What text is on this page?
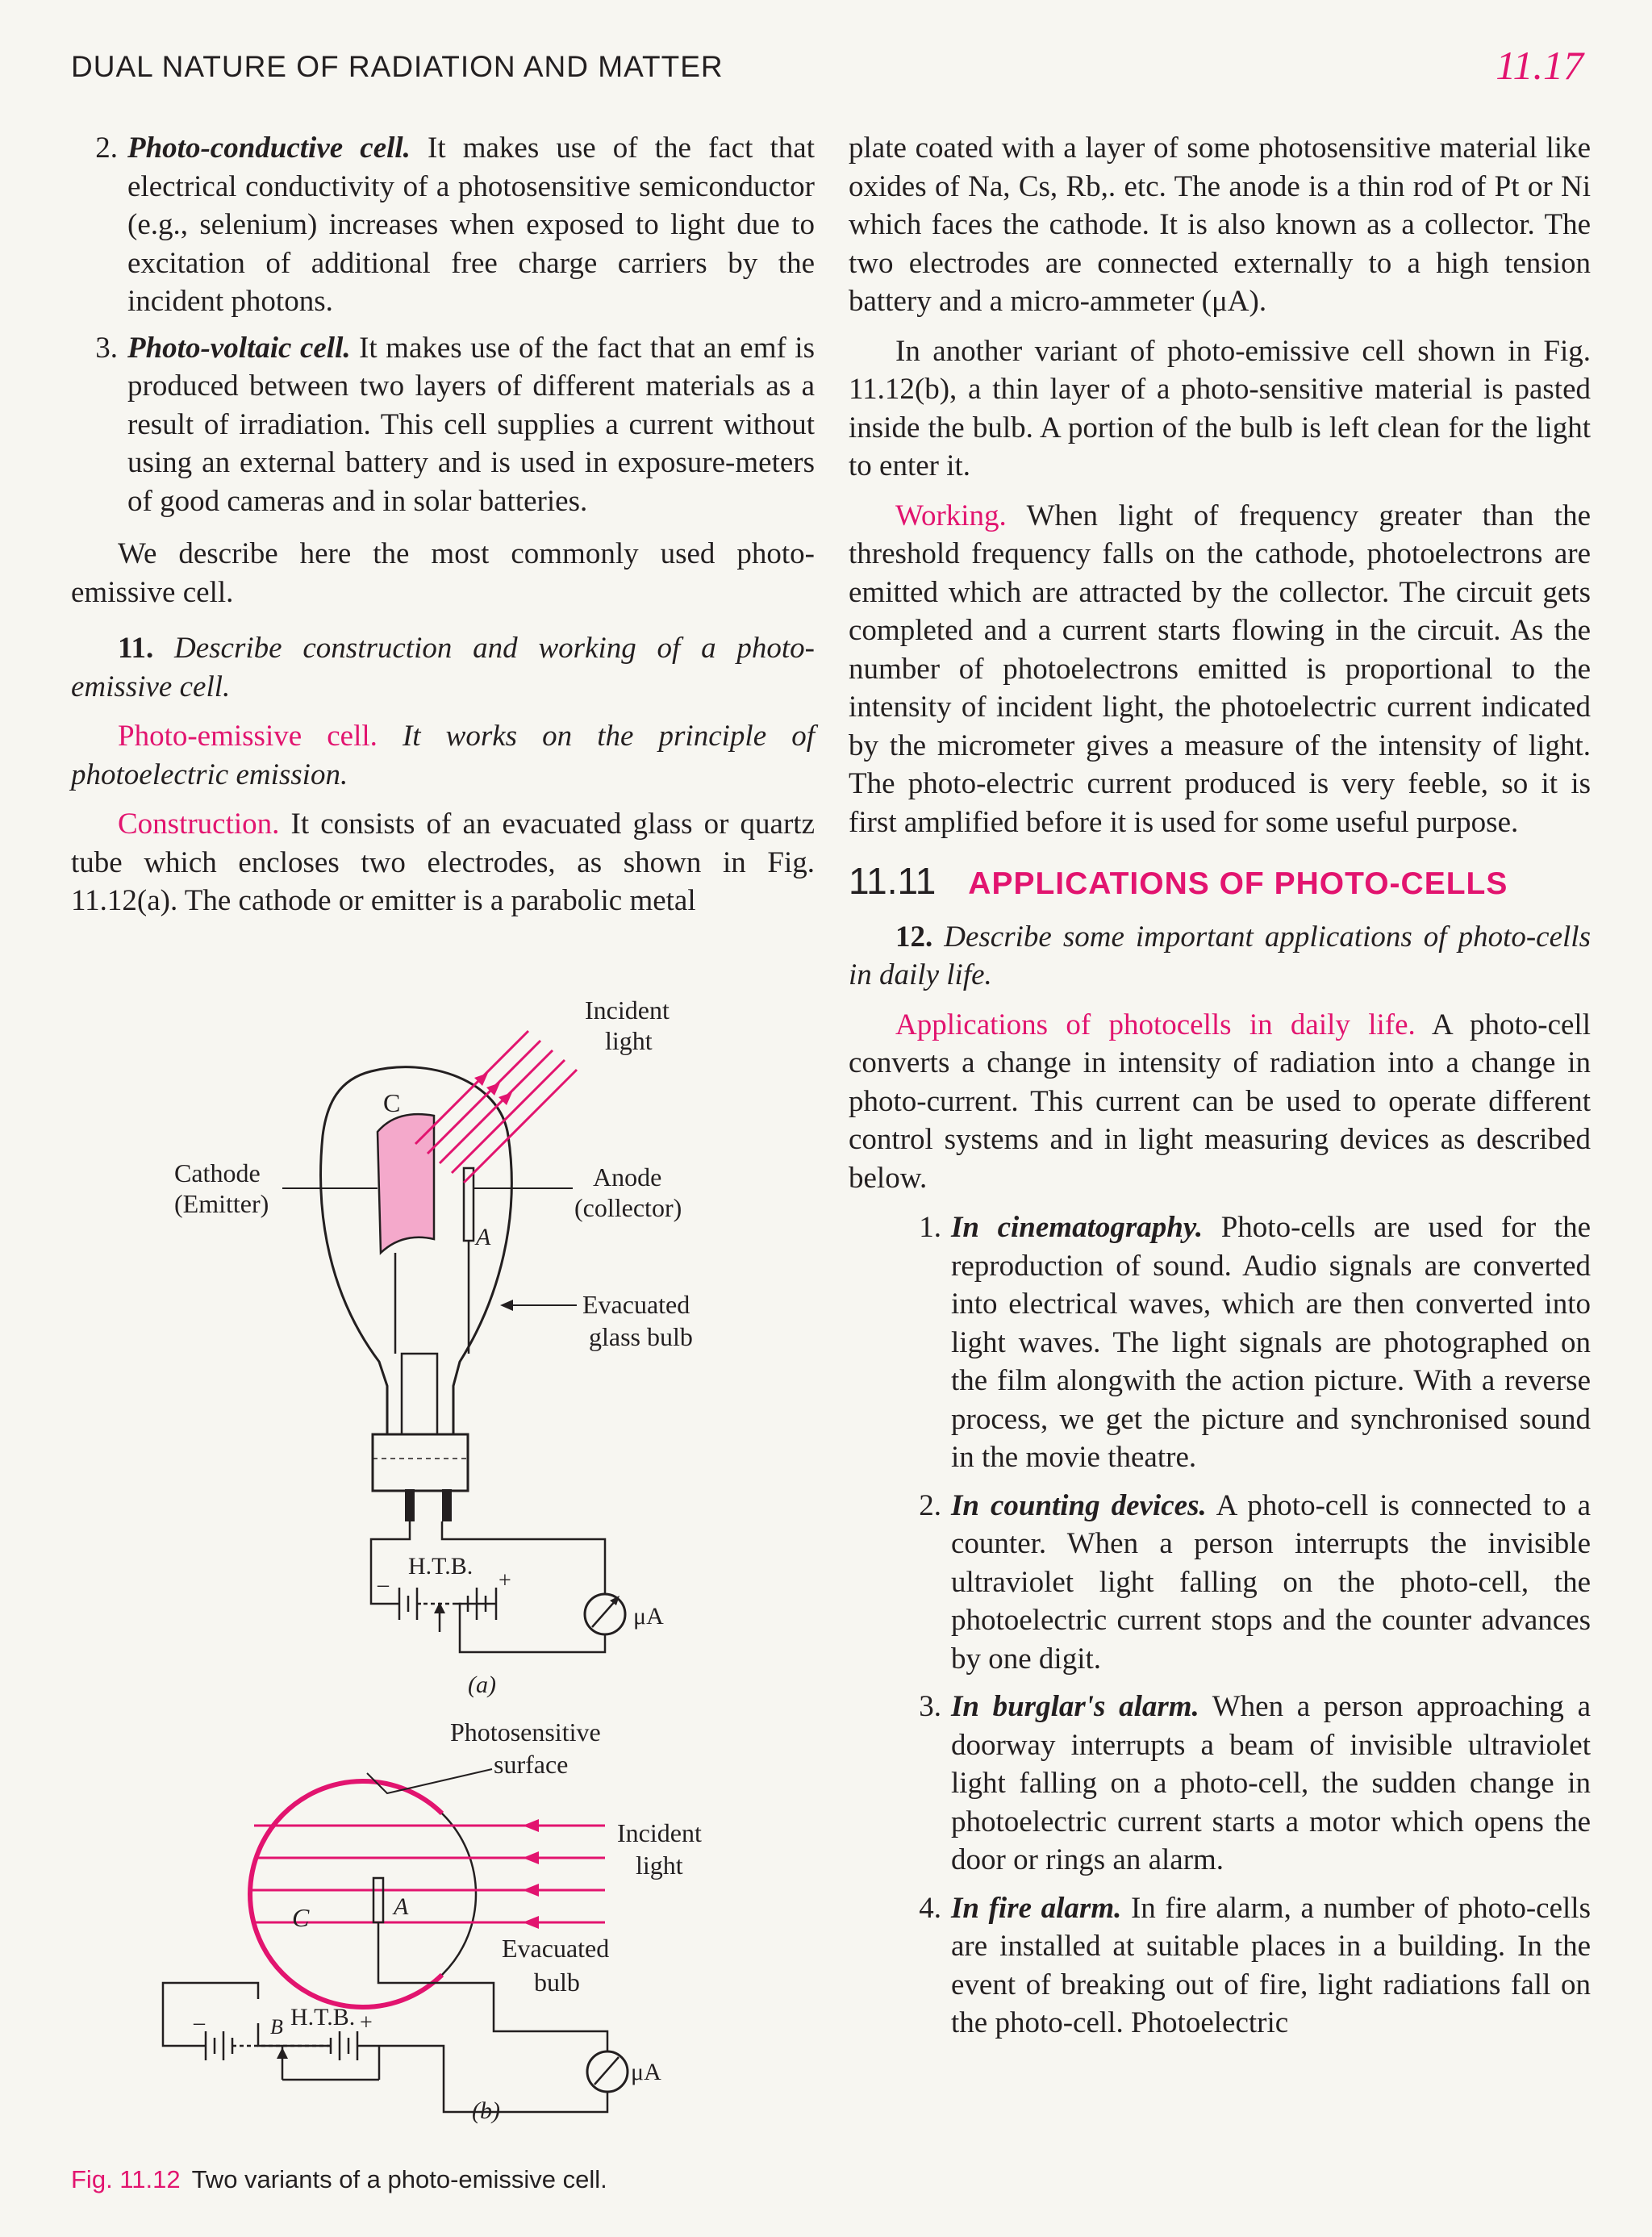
DUAL NATURE OF RADIATION AND MATTER	11.17
2. Photo-conductive cell. It makes use of the fact that electrical conductivity of a photosensitive semiconductor (e.g., selenium) increases when exposed to light due to excitation of additional free charge carriers by the incident photons.
3. Photo-voltaic cell. It makes use of the fact that an emf is produced between two layers of different materials as a result of irradiation. This cell supplies a current without using an external battery and is used in exposure-meters of good cameras and in solar batteries.

We describe here the most commonly used photo-emissive cell.

11. Describe construction and working of a photo-emissive cell.

Photo-emissive cell. It works on the principle of photoelectric emission.

Construction. It consists of an evacuated glass or quartz tube which encloses two electrodes, as shown in Fig. 11.12(a). The cathode or emitter is a parabolic metal

Incident
light
C
Cathode
(Emitter)
Anode
(collector)
A
Evacuated
glass bulb
H.T.B.
–	+
μA
(a)
Photosensitive
surface
Incident
light
A
C
Evacuated
bulb
H.T.B.
B
–	+
μA
(b)
Fig. 11.12 Two variants of a photo-emissive cell.

plate coated with a layer of some photosensitive material like oxides of Na, Cs, Rb,. etc. The anode is a thin rod of Pt or Ni which faces the cathode. It is also known as a collector. The two electrodes are connected externally to a high tension battery and a micro-ammeter (μA).

In another variant of photo-emissive cell shown in Fig. 11.12(b), a thin layer of a photo-sensitive material is pasted inside the bulb. A portion of the bulb is left clean for the light to enter it.

Working. When light of frequency greater than the threshold frequency falls on the cathode, photoelectrons are emitted which are attracted by the collector. The circuit gets completed and a current starts flowing in the circuit. As the number of photoelectrons emitted is proportional to the intensity of incident light, the photoelectric current indicated by the micrometer gives a measure of the intensity of light. The photo-electric current produced is very feeble, so it is first amplified before it is used for some useful purpose.

11.11 APPLICATIONS OF PHOTO-CELLS

12. Describe some important applications of photo-cells in daily life.

Applications of photocells in daily life. A photo-cell converts a change in intensity of radiation into a change in photo-current. This current can be used to operate different control systems and in light measuring devices as described below.

1. In cinematography. Photo-cells are used for the reproduction of sound. Audio signals are converted into electrical waves, which are then converted into light waves. The light signals are photographed on the film alongwith the action picture. With a reverse process, we get the picture and synchronised sound in the movie theatre.
2. In counting devices. A photo-cell is connected to a counter. When a person interrupts the invisible ultraviolet light falling on the photo-cell, the photoelectric current stops and the counter advances by one digit.
3. In burglar's alarm. When a person approaching a doorway interrupts a beam of invisible ultraviolet light falling on a photo-cell, the sudden change in photoelectric current starts a motor which opens the door or rings an alarm.
4. In fire alarm. In fire alarm, a number of photo-cells are installed at suitable places in a building. In the event of breaking out of fire, light radiations fall on the photo-cell. Photoelectric
